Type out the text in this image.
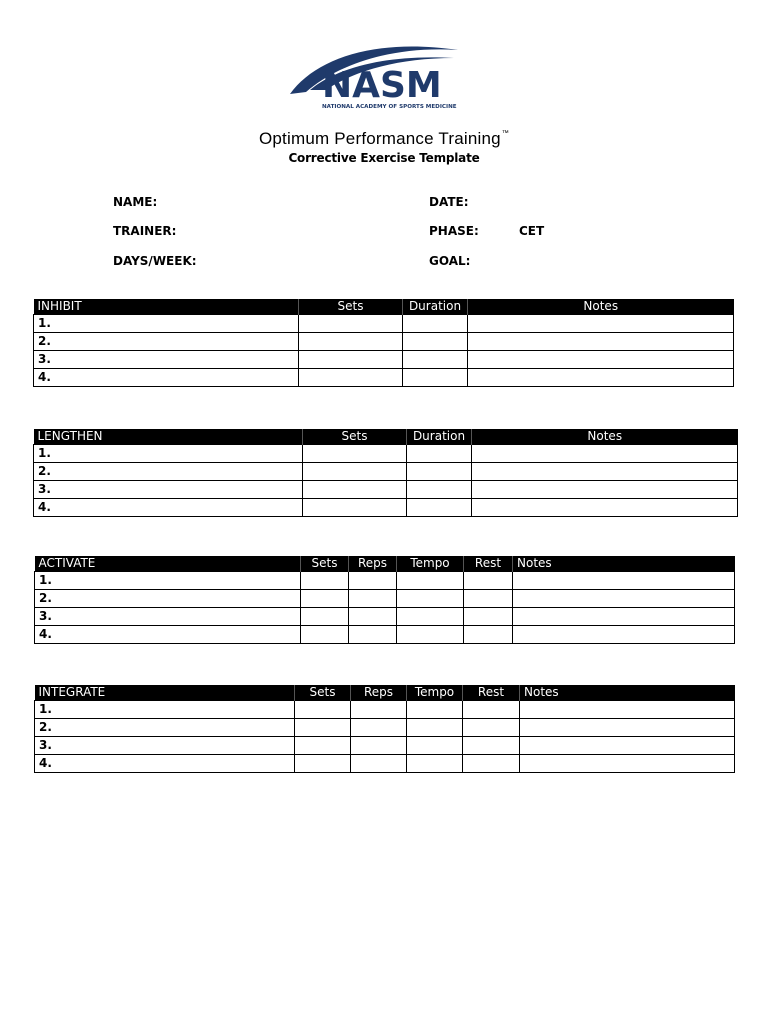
NASM
NATIONAL ACADEMY OF SPORTS MEDICINE
Optimum Performance Training™
Corrective Exercise Template
NAME:	DATE:
TRAINER:	PHASE:	CET
DAYS/WEEK:	GOAL:
INHIBIT	Sets	Duration	Notes
1.			
2.			
3.			
4.			
LENGTHEN	Sets	Duration	Notes
1.			
2.			
3.			
4.			
ACTIVATE	Sets	Reps	Tempo	Rest	Notes
1.					
2.					
3.					
4.					
INTEGRATE	Sets	Reps	Tempo	Rest	Notes
1.					
2.					
3.					
4.					
